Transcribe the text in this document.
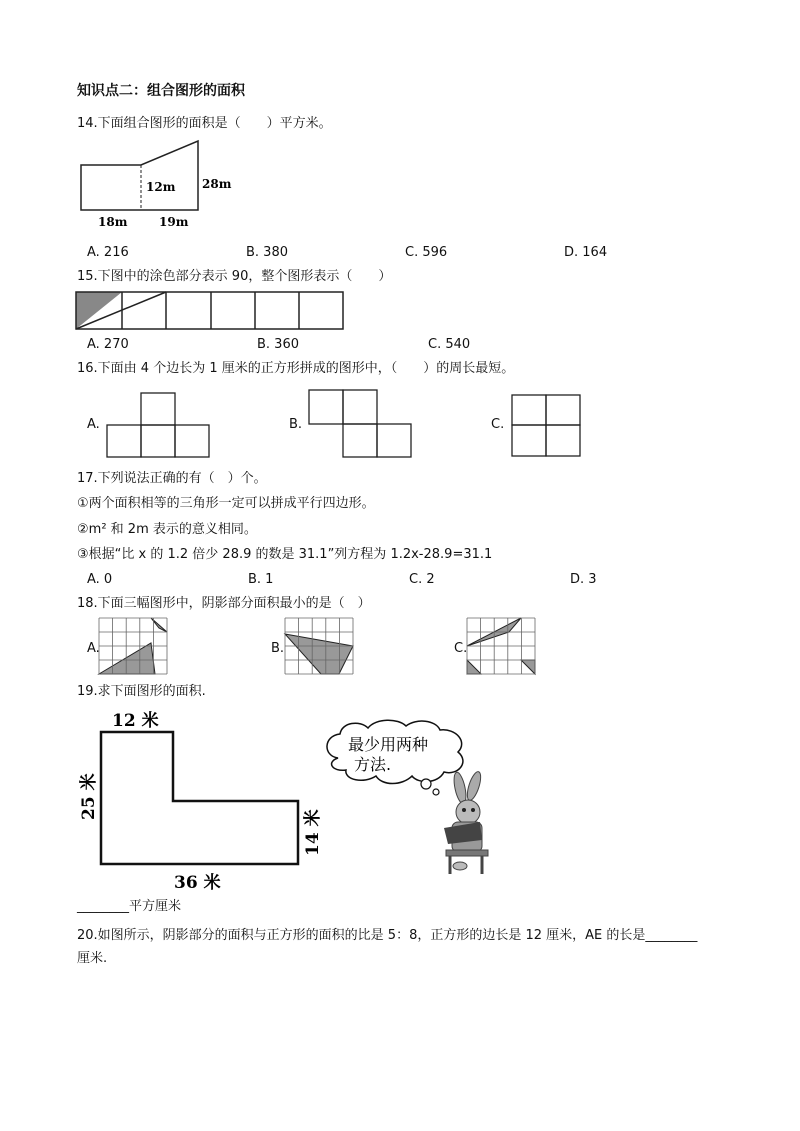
知识点二：组合图形的面积
14.下面组合图形的面积是（　　）平方米。
12m 28m
18m	19m
A. 216	B. 380	C. 596	D. 164
15.下图中的涂色部分表示 90，整个图形表示（　　）
A. 270	B. 360	C. 540
16.下面由 4 个边长为 1 厘米的正方形拼成的图形中，（　　）的周长最短。
A.	B.	C.
17.下列说法正确的有（　）个。
①两个面积相等的三角形一定可以拼成平行四边形。
②m² 和 2m 表示的意义相同。
③根据“比 x 的 1.2 倍少 28.9 的数是 31.1”列方程为 1.2x-28.9=31.1
A. 0	B. 1	C. 2	D. 3
18.下面三幅图形中，阴影部分面积最小的是（　）
A.	B.	C.
19.求下面图形的面积.
12 米
25 米
14 米
36 米
最少用两种
方法.
________平方厘米
20.如图所示，阴影部分的面积与正方形的面积的比是 5：8，正方形的边长是 12 厘米，AE 的长是________
厘米.
